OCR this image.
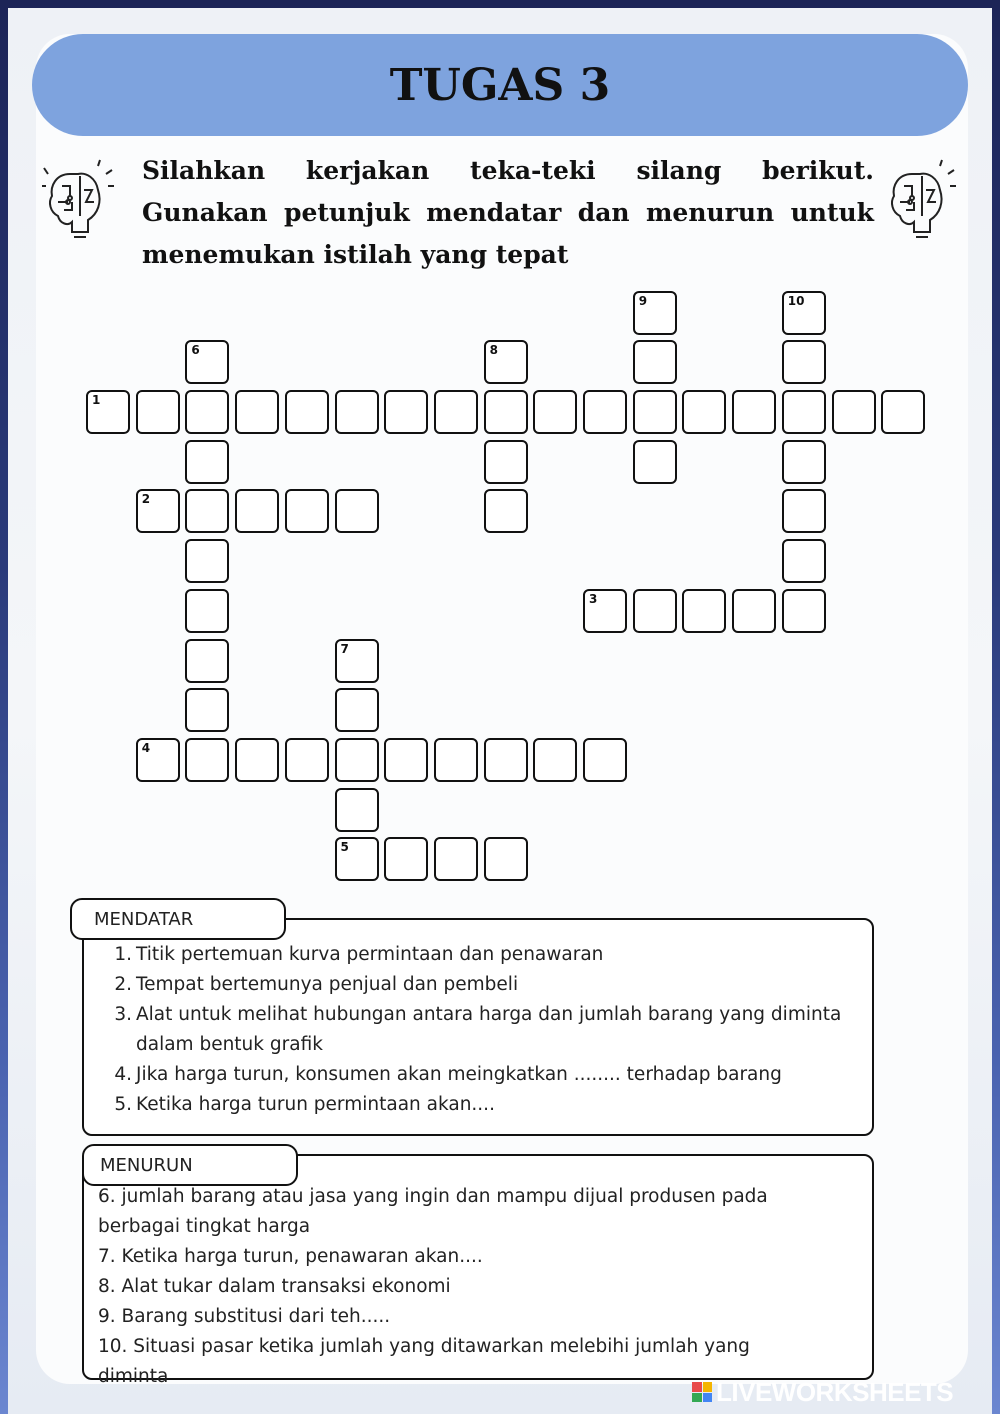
TUGAS 3
Silahkan kerjakan teka-teki silang berikut. Gunakan petunjuk mendatar dan menurun untuk menemukan istilah yang tepat
1
2
3
4
5
6
7
8
9	10
MENDATAR
1. Titik pertemuan kurva permintaan dan penawaran
2. Tempat bertemunya penjual dan pembeli
3. Alat untuk melihat hubungan antara harga dan jumlah barang yang diminta dalam bentuk grafik
4. Jika harga turun, konsumen akan meingkatkan ........ terhadap barang
5. Ketika harga turun permintaan akan....
MENURUN
6. jumlah barang atau jasa yang ingin dan mampu dijual produsen pada berbagai tingkat harga
7. Ketika harga turun, penawaran akan....
8. Alat tukar dalam transaksi ekonomi
9. Barang substitusi dari teh.....
10. Situasi pasar ketika jumlah yang ditawarkan melebihi jumlah yang diminta	LIVEWORKSHEETS
